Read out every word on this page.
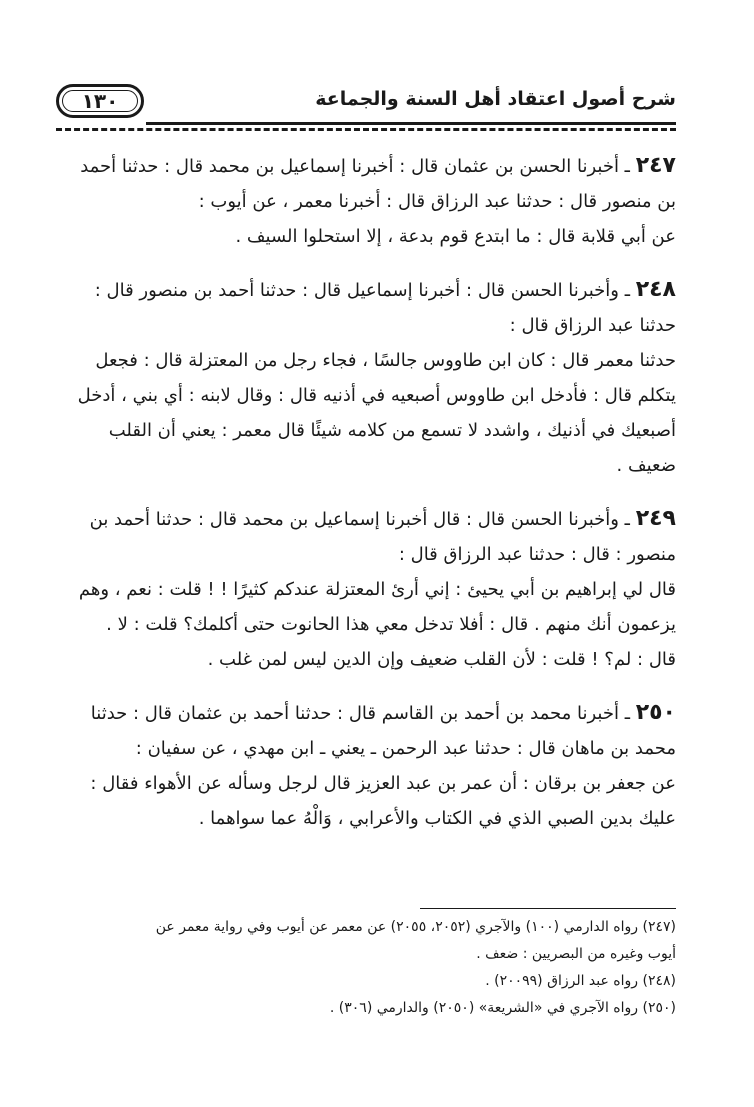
١٣٠	شرح أصول اعتقاد أهل السنة والجماعة

٢٤٧ ـ أخبرنا الحسن بن عثمان قال : أخبرنا إسماعيل بن محمد قال : حدثنا أحمد

بن منصور قال : حدثنا عبد الرزاق قال : أخبرنا معمر ، عن أيوب :

عن أبي قلابة قال : ما ابتدع قوم بدعة ، إلا استحلوا السيف .

٢٤٨ ـ وأخبرنا الحسن قال : أخبرنا إسماعيل قال : حدثنا أحمد بن منصور قال :

حدثنا عبد الرزاق قال :

حدثنا معمر قال : كان ابن طاووس جالسًا ، فجاء رجل من المعتزلة قال : فجعل

يتكلم قال : فأدخل ابن طاووس أصبعيه في أذنيه قال : وقال لابنه : أي بني ، أدخل

أصبعيك في أذنيك ، واشدد لا تسمع من كلامه شيئًا قال معمر : يعني أن القلب

ضعيف .

٢٤٩ ـ وأخبرنا الحسن قال : قال أخبرنا إسماعيل بن محمد قال : حدثنا أحمد بن

منصور : قال : حدثنا عبد الرزاق قال :

قال لي إبراهيم بن أبي يحيئ : إني أرئ المعتزلة عندكم كثيرًا ! ! قلت : نعم ، وهم

يزعمون أنك منهم . قال : أفلا تدخل معي هذا الحانوت حتى أكلمك؟ قلت : لا .

قال : لم؟ ! قلت : لأن القلب ضعيف وإن الدين ليس لمن غلب .

٢٥٠ ـ أخبرنا محمد بن أحمد بن القاسم قال : حدثنا أحمد بن عثمان قال : حدثنا

محمد بن ماهان قال : حدثنا عبد الرحمن ـ يعني ـ ابن مهدي ، عن سفيان :

عن جعفر بن برقان : أن عمر بن عبد العزيز قال لرجل وسأله عن الأهواء فقال :

عليك بدين الصبي الذي في الكتاب والأعرابي ، وَالْهُ عما سواهما .

(٢٤٧) رواه الدارمي (١٠٠) والآجري (٢٠٥٢، ٢٠٥٥) عن معمر عن أيوب وفي رواية معمر عن

أيوب وغيره من البصريين : ضعف .

(٢٤٨) رواه عبد الرزاق (٢٠٠٩٩) .

(٢٥٠) رواه الآجري في «الشريعة» (٢٠٥٠) والدارمي (٣٠٦) .
